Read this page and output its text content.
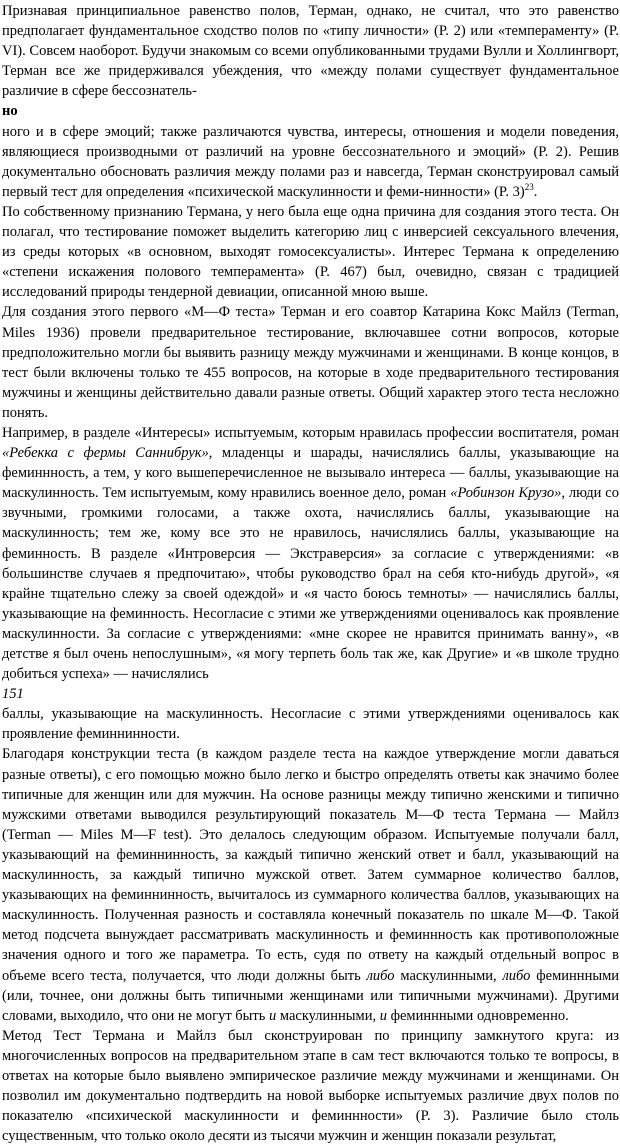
Признавая принципиальное равенство полов, Терман, однако, не считал, что это равенство предполагает фундаментальное сходство полов по «типу личности» (P. 2) или «темпераменту» (P. VI). Совсем наоборот. Будучи знакомым со всеми опубликованными трудами Вулли и Холлингворт, Терман все же придерживался убеждения, что «между полами существует фундаментальное различие в сфере бессознатель-

но

ного и в сфере эмоций; также различаются чувства, интересы, отношения и модели поведения, являющиеся производными от различий на уровне бессознательного и эмоций» (P. 2). Решив документально обосновать различия между полами раз и навсегда, Терман сконструировал самый первый тест для определения «психической маскулинности и феми-нинности» (P. 3)$^{23}$.

По собственному признанию Термана, у него была еще одна причина для создания этого теста. Он полагал, что тестирование поможет выделить категорию лиц с инверсией сексуального влечения, из среды которых «в основном, выходят гомосексуалисты». Интерес Термана к определению «степени искажения полового темперамента» (P. 467) был, очевидно, связан с традицией исследований природы тендерной девиации, описанной мною выше.

Для создания этого первого «М—Ф теста» Терман и его соавтор Катарина Кокс Майлз (Terman, Miles 1936) провели предварительное тестирование, включавшее сотни вопросов, которые предположительно могли бы выявить разницу между мужчинами и женщинами. В конце концов, в тест были включены только те 455 вопросов, на которые в ходе предварительного тестирования мужчины и женщины действительно давали разные ответы. Общий характер этого теста несложно понять.

Например, в разделе «Интересы» испытуемым, которым нравилась профессии воспитателя, роман «Ребекка с фермы Саннибрук», младенцы и шарады, начислялись баллы, указывающие на феминнность, а тем, у кого вышеперечисленное не вызывало интереса — баллы, указывающие на маскулинность. Тем испытуемым, кому нравились военное дело, роман «Робинзон Крузо», люди со звучными, громкими голосами, а также охота, начислялись баллы, указывающие на маскулинность; тем же, кому все это не нравилось, начислялись баллы, указывающие на феминность. В разделе «Интроверсия — Экстраверсия» за согласие с утверждениями: «в большинстве случаев я предпочитаю», чтобы руководство брал на себя кто-нибудь другой», «я крайне тщательно слежу за своей одеждой» и «я часто боюсь темноты» — начислялись баллы, указывающие на феминность. Несогласие с этими же утверждениями оценивалось как проявление маскулинности. За согласие с утверждениями: «мне скорее не нравится принимать ванну», «в детстве я был очень непослушным», «я могу терпеть боль так же, как Другие» и «в школе трудно добиться успеха» — начислялись

151

баллы, указывающие на маскулинность. Несогласие с этими утверждениями оценивалось как проявление феминнинности.

Благодаря конструкции теста (в каждом разделе теста на каждое утверждение могли даваться разные ответы), с его помощью можно было легко и быстро определять ответы как значимо более типичные для женщин или для мужчин. На основе разницы между типично женскими и типично мужскими ответами выводился результирующий показатель М—Ф теста Термана — Майлз (Terman — Miles M—F test). Это делалось следующим образом. Испытуемые получали балл, указывающий на феминнинность, за каждый типично женский ответ и балл, указывающий на маскулинность, за каждый типично мужской ответ. Затем суммарное количество баллов, указывающих на феминнинность, вычиталось из суммарного количества баллов, указывающих на маскулинность. Полученная разность и составляла конечный показатель по шкале М—Ф. Такой метод подсчета вынуждает рассматривать маскулинность и феминнность как противоположные значения одного и того же параметра. То есть, судя по ответу на каждый отдельный вопрос в объеме всего теста, получается, что люди должны быть либо маскулинными, либо феминнными (или, точнее, они должны быть типичными женщинами или типичными мужчинами). Другими словами, выходило, что они не могут быть и маскулинными, и феминнными одновременно.

Метод Тест Термана и Майлз был сконструирован по принципу замкнутого круга: из многочисленных вопросов на предварительном этапе в сам тест включаются только те вопросы, в ответах на которые было выявлено эмпирическое различие между мужчинами и женщинами. Он позволил им документально подтвердить на новой выборке испытуемых различие двух полов по показателю «психической маскулинности и феминнности» (P. 3). Различие было столь существенным, что только около десяти из тысячи мужчин и женщин показали результат,
